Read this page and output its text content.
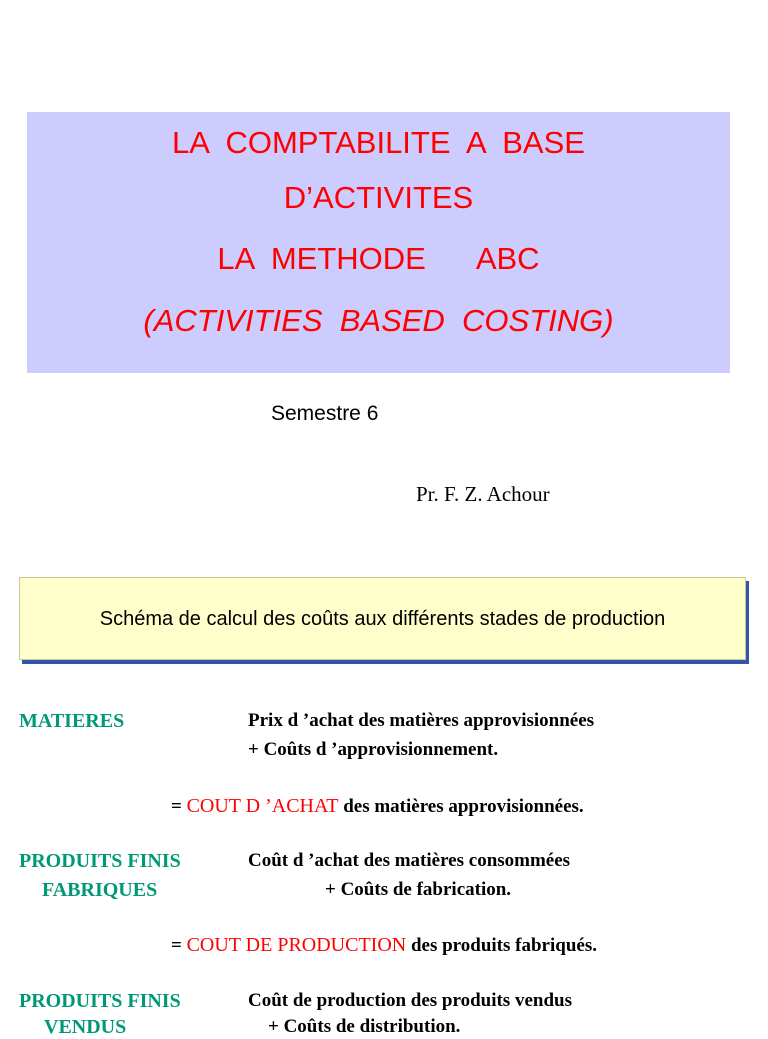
LA  COMPTABILITE  A  BASE
D’ACTIVITES
LA  METHODE      ABC
(ACTIVITIES  BASED  COSTING)
Semestre 6
Pr. F. Z. Achour
Schéma de calcul des coûts aux différents stades de production
MATIERES	Prix d ’achat des matières approvisionnées
+ Coûts d ’approvisionnement.
= COUT D ’ACHAT des matières approvisionnées.
PRODUITS FINIS
FABRIQUES
Coût d ’achat des matières consommées
+ Coûts de fabrication.
= COUT DE PRODUCTION des produits fabriqués.
PRODUITS FINIS
VENDUS
Coût de production des produits vendus
+ Coûts de distribution.
